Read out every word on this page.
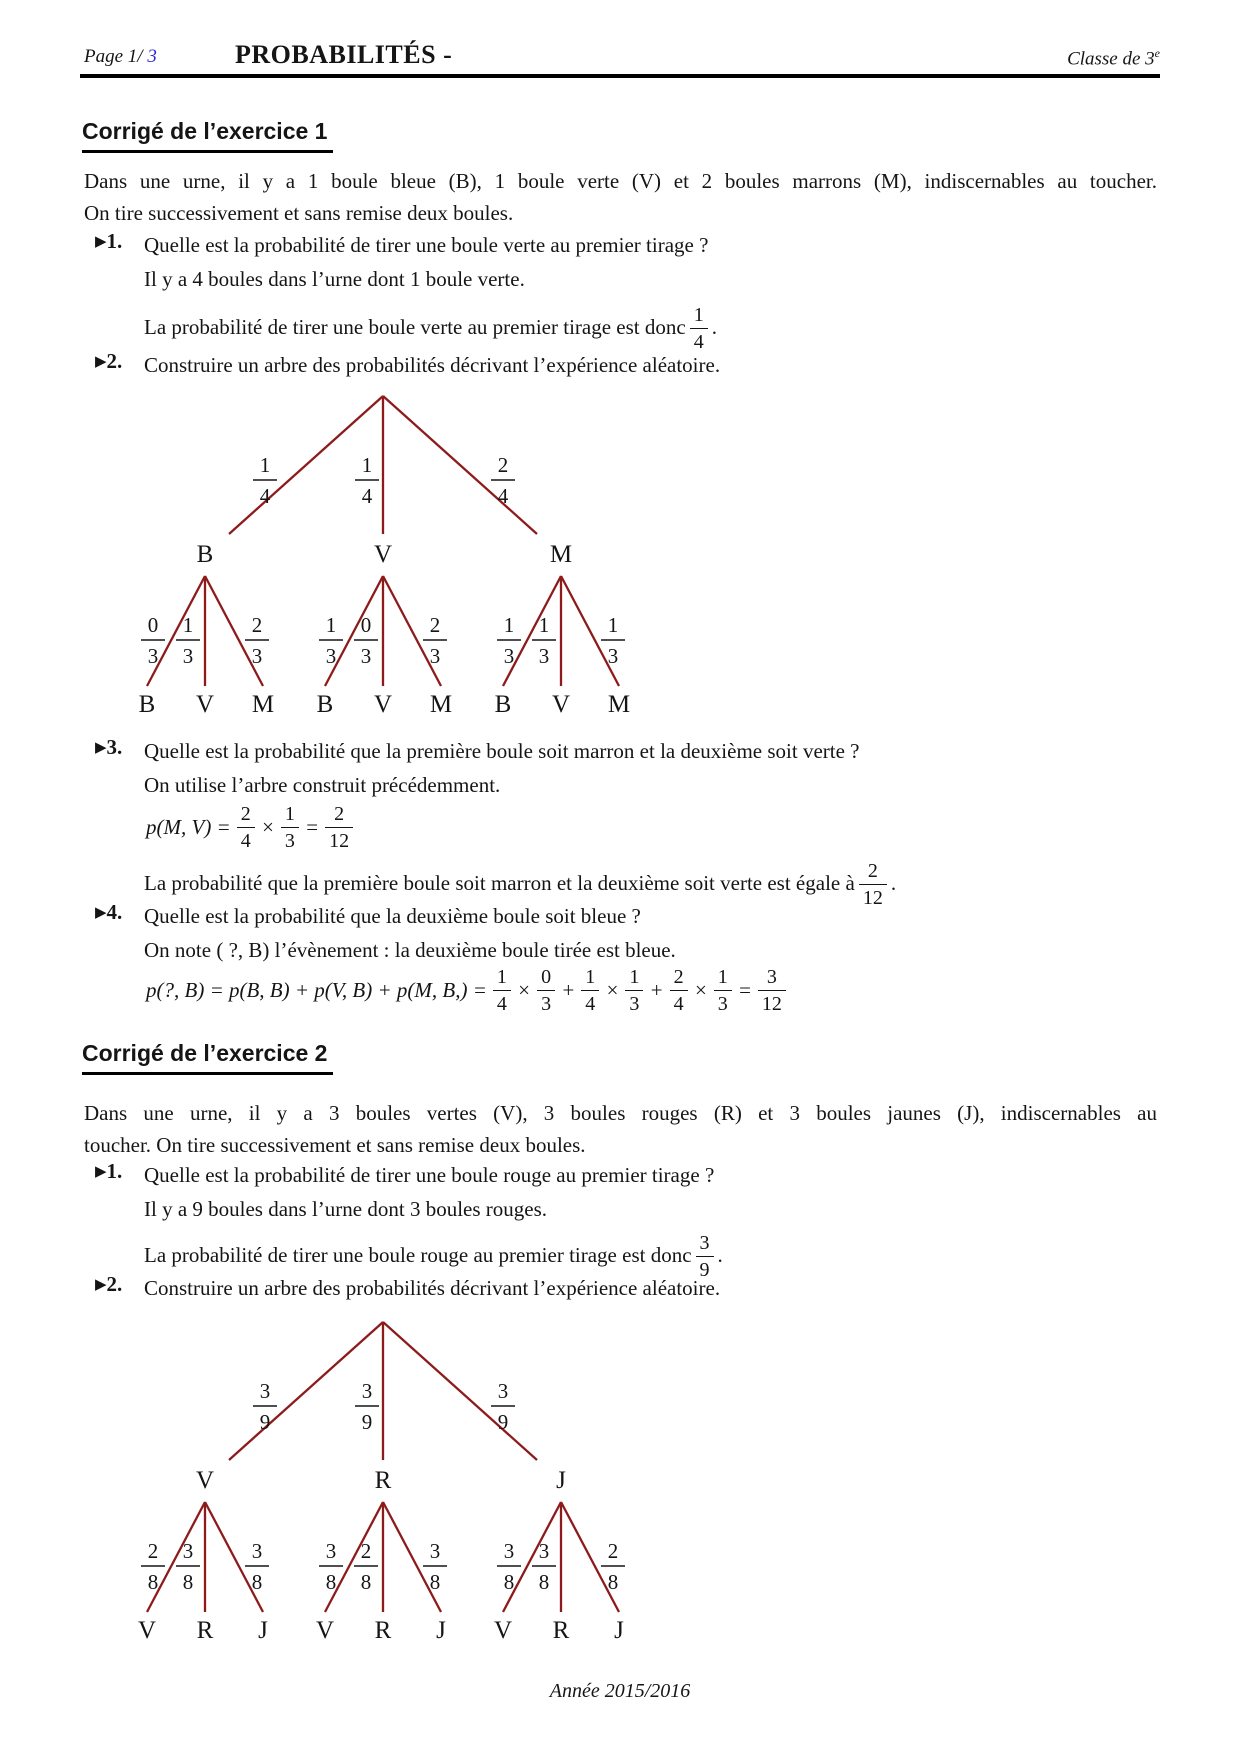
Page 1/ 3	PROBABILITÉS -	Classe de 3e
Corrigé de l’exercice 1
Dans une urne, il y a 1 boule bleue (B), 1 boule verte (V) et 2 boules marrons (M), indiscernables au toucher.
On tire successivement et sans remise deux boules.
▶1. Quelle est la probabilité de tirer une boule verte au premier tirage ?
Il y a 4 boules dans l’urne dont 1 boule verte.
La probabilité de tirer une boule verte au premier tirage est donc $\frac{1}{4}$ .
▶2. Construire un arbre des probabilités décrivant l’expérience aléatoire.
1
4
B
0
3
B
1
3
V
2
3
M
1
4
V
1
3
B
0
3
V
2
3
M
2
4
M
1
3
B
1
3
V
1
3
M
▶3. Quelle est la probabilité que la première boule soit marron et la deuxième soit verte ?
On utilise l’arbre construit précédemment.
p(M, $V) = \frac{2}{4} \times \frac{1}{3} = \frac{2}{12}$
La probabilité que la première boule soit marron et la deuxième soit verte est égale à $\frac{2}{12}$ .
▶4. Quelle est la probabilité que la deuxième boule soit bleue ?
On note ( ?, B) l’évènement : la deuxième boule tirée est bleue.
p(?, B) = p(B, B) + p(V, B) + p(M, $B,) = \frac{1}{4} \times \frac{0}{3} + \frac{1}{4} \times \frac{1}{3} + \frac{2}{4} \times \frac{1}{3} = \frac{3}{12}$
Corrigé de l’exercice 2
Dans une urne, il y a 3 boules vertes (V), 3 boules rouges (R) et 3 boules jaunes (J), indiscernables au
toucher. On tire successivement et sans remise deux boules.
▶1. Quelle est la probabilité de tirer une boule rouge au premier tirage ?
Il y a 9 boules dans l’urne dont 3 boules rouges.
La probabilité de tirer une boule rouge au premier tirage est donc $\frac{3}{9}$ .
▶2. Construire un arbre des probabilités décrivant l’expérience aléatoire.
3
9
V
2
8
V
3
8
R
3
8
J
3
9
R
3
8
V
2
8
R
3
8
J
3
9
J
3
8
V
3
8
R
2
8
J
Année 2015/2016
